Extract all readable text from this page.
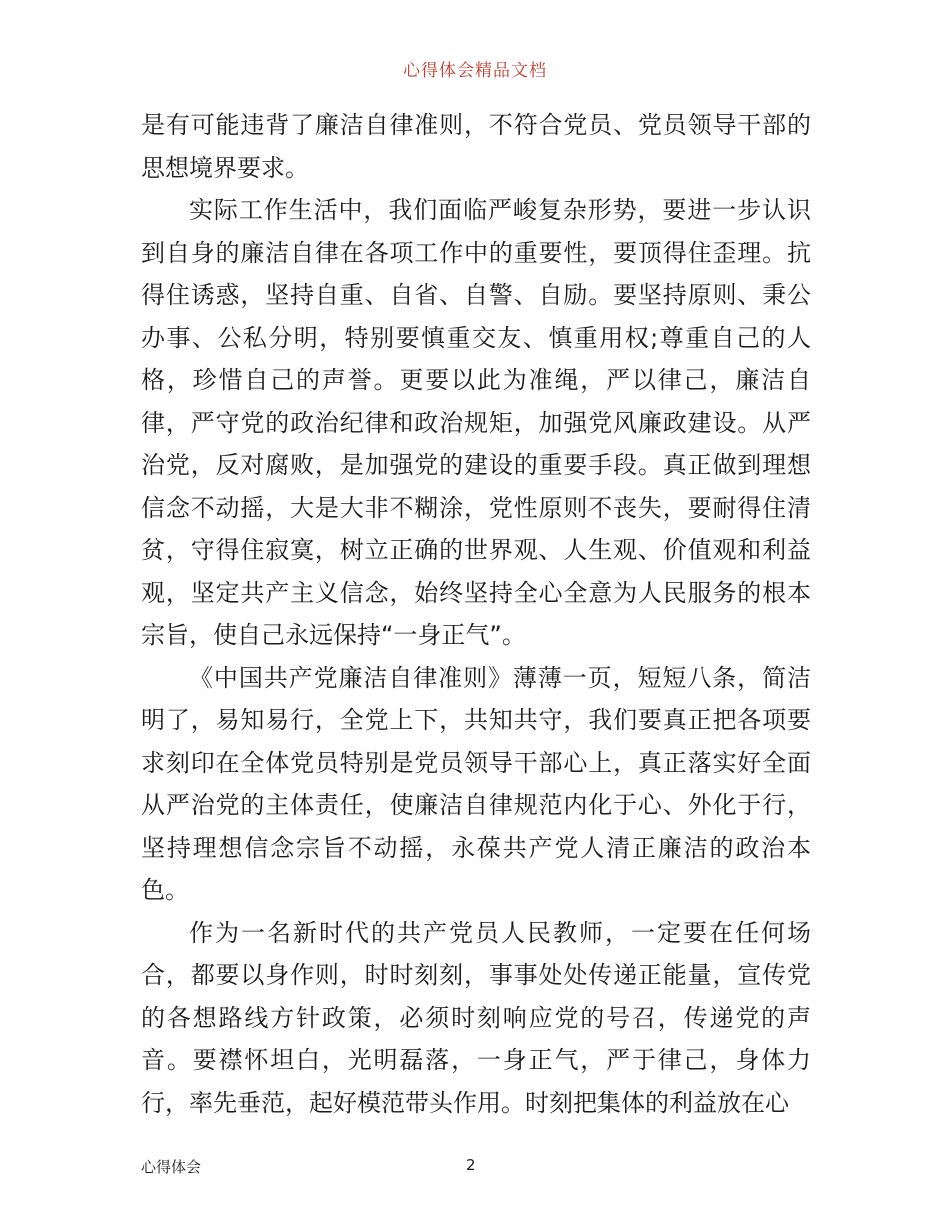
心得体会精品文档

是有可能违背了廉洁自律准则，不符合党员、党员领导干部的思想境界要求。

实际工作生活中，我们面临严峻复杂形势，要进一步认识到自身的廉洁自律在各项工作中的重要性，要顶得住歪理。抗得住诱惑，坚持自重、自省、自警、自励。要坚持原则、秉公办事、公私分明，特别要慎重交友、慎重用权;尊重自己的人格，珍惜自己的声誉。更要以此为准绳，严以律己，廉洁自律，严守党的政治纪律和政治规矩，加强党风廉政建设。从严治党，反对腐败，是加强党的建设的重要手段。真正做到理想信念不动摇，大是大非不糊涂，党性原则不丧失，要耐得住清贫，守得住寂寞，树立正确的世界观、人生观、价值观和利益观，坚定共产主义信念，始终坚持全心全意为人民服务的根本宗旨，使自己永远保持“一身正气”。

《中国共产党廉洁自律准则》薄薄一页，短短八条，简洁明了，易知易行，全党上下，共知共守，我们要真正把各项要求刻印在全体党员特别是党员领导干部心上，真正落实好全面从严治党的主体责任，使廉洁自律规范内化于心、外化于行，坚持理想信念宗旨不动摇，永葆共产党人清正廉洁的政治本色。

作为一名新时代的共产党员人民教师，一定要在任何场合，都要以身作则，时时刻刻，事事处处传递正能量，宣传党的各想路线方针政策，必须时刻响应党的号召，传递党的声音。要襟怀坦白，光明磊落，一身正气，严于律己，身体力行，率先垂范，起好模范带头作用。时刻把集体的利益放在心

心得体会	2
